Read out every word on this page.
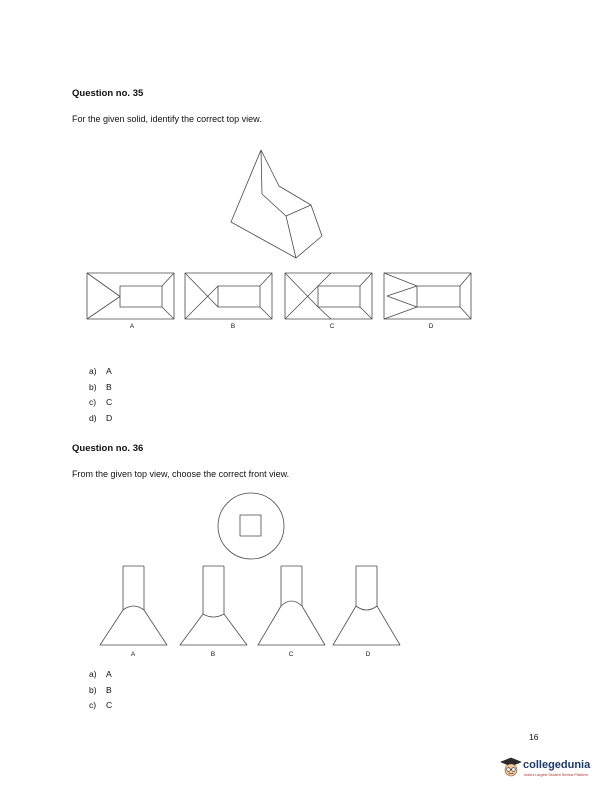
Question no. 35
For the given solid, identify the correct top view.
A	B	C	D
a) A
b) B
c) C
d) D
Question no. 36
From the given top view, choose the correct front view.
A	B	C	D
a) A
b) B
c) C
16
collegedunia
India's Largest Student Review Platform
